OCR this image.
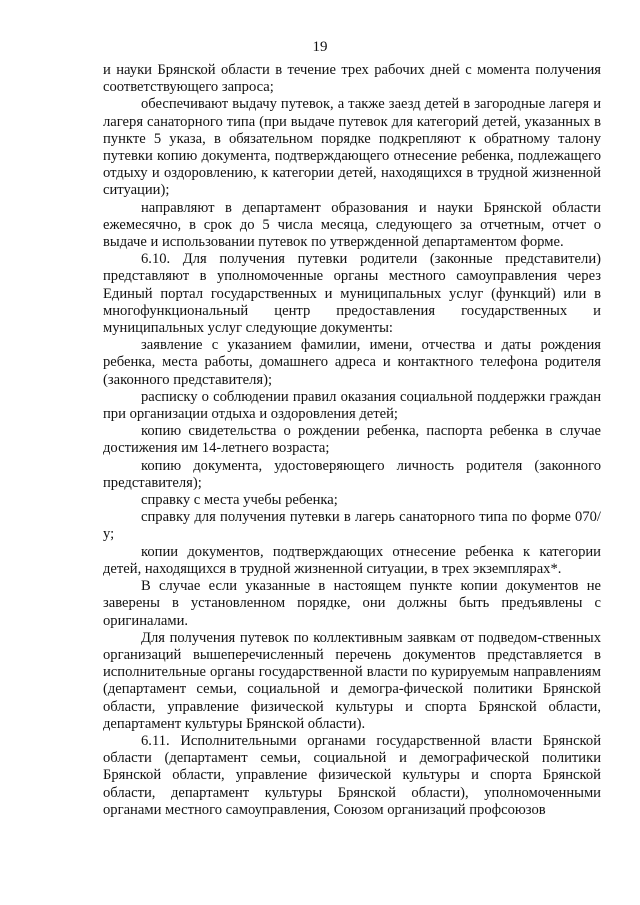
19

и науки Брянской области в течение трех рабочих дней с момента получения соответствующего запроса;

обеспечивают выдачу путевок, а также заезд детей в загородные лагеря и лагеря санаторного типа (при выдаче путевок для категорий детей, указанных в пункте 5 указа, в обязательном порядке подкрепляют к обратному талону путевки копию документа, подтверждающего отнесение ребенка, подлежащего отдыху и оздоровлению, к категории детей, находящихся в трудной жизненной ситуации);

направляют в департамент образования и науки Брянской области ежемесячно, в срок до 5 числа месяца, следующего за отчетным, отчет о выдаче и использовании путевок по утвержденной департаментом форме.

6.10. Для получения путевки родители (законные представители) представляют в уполномоченные органы местного самоуправления через Единый портал государственных и муниципальных услуг (функций) или в многофункциональный центр предоставления государственных и муниципальных услуг следующие документы:

заявление с указанием фамилии, имени, отчества и даты рождения ребенка, места работы, домашнего адреса и контактного телефона родителя (законного представителя);

расписку о соблюдении правил оказания социальной поддержки граждан при организации отдыха и оздоровления детей;

копию свидетельства о рождении ребенка, паспорта ребенка в случае достижения им 14-летнего возраста;

копию документа, удостоверяющего личность родителя (законного представителя);

справку с места учебы ребенка;

справку для получения путевки в лагерь санаторного типа по форме 070/у;

копии документов, подтверждающих отнесение ребенка к категории детей, находящихся в трудной жизненной ситуации, в трех экземплярах*.

В случае если указанные в настоящем пункте копии документов не заверены в установленном порядке, они должны быть предъявлены с оригиналами.

Для получения путевок по коллективным заявкам от подведом-ственных организаций вышеперечисленный перечень документов представляется в исполнительные органы государственной власти по курируемым направлениям (департамент семьи, социальной и демогра-фической политики Брянской области, управление физической культуры и спорта Брянской области, департамент культуры Брянской области).

6.11. Исполнительными органами государственной власти Брянской области (департамент семьи, социальной и демографической политики Брянской области, управление физической культуры и спорта Брянской области, департамент культуры Брянской области), уполномоченными органами местного самоуправления, Союзом организаций профсоюзов
